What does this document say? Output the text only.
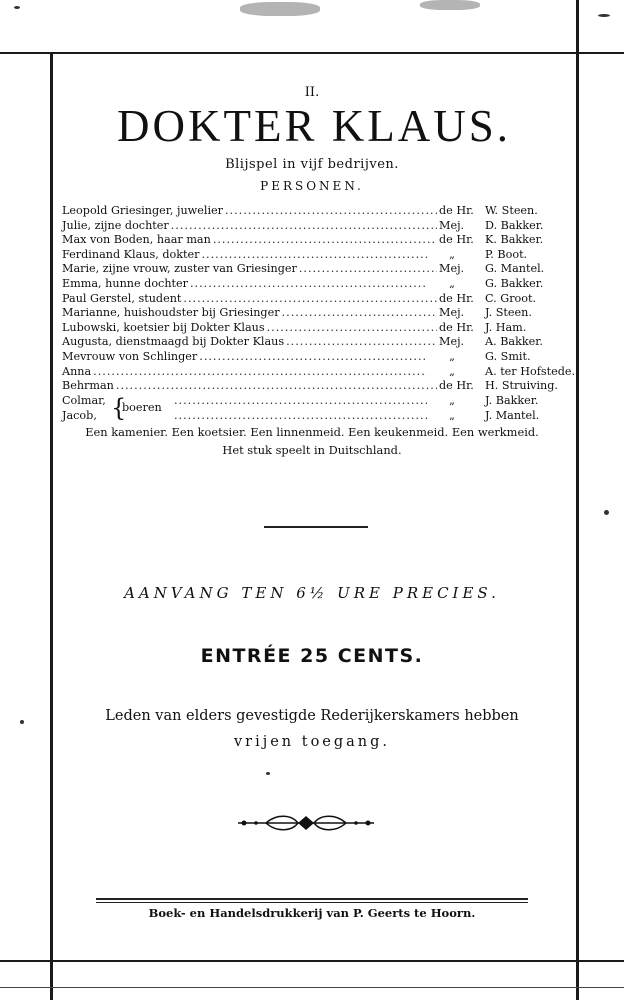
II.
DOKTER KLAUS.
Blijspel in vijf bedrijven.
PERSONEN.
Leopold Griesinger, juwelier .....	de Hr.	W. Steen.
Julie, zijne dochter .....	Mej.	D. Bakker.
Max von Boden, haar man .....	de Hr.	K. Bakker.
Ferdinand Klaus, dokter .....	„	P. Boot.
Marie, zijne vrouw, zuster van Griesinger .....	Mej.	G. Mantel.
Emma, hunne dochter .....	„	G. Bakker.
Paul Gerstel, student .....	de Hr.	C. Groot.
Marianne, huishoudster bij Griesinger .....	Mej.	J. Steen.
Lubowski, koetsier bij Dokter Klaus .....	de Hr.	J. Ham.
Augusta, dienstmaagd bij Dokter Klaus .....	Mej.	A. Bakker.
Mevrouw von Schlinger .....	„	G. Smit.
Anna .....	„	A. ter Hofstede.
Behrman .....	de Hr.	H. Struiving.
Colmar, .....	„	J. Bakker.
Jacob, .....	„	J. Mantel.
{
boeren
Een kamenier. Een koetsier. Een linnenmeid. Een keukenmeid. Een werkmeid.
Het stuk speelt in Duitschland.
AANVANG TEN 6½ URE PRECIES.
ENTRÉE 25 CENTS.
Leden van elders gevestigde Rederijkerskamers hebben
vrijen toegang.
Boek- en Handelsdrukkerij van P. Geerts te Hoorn.
